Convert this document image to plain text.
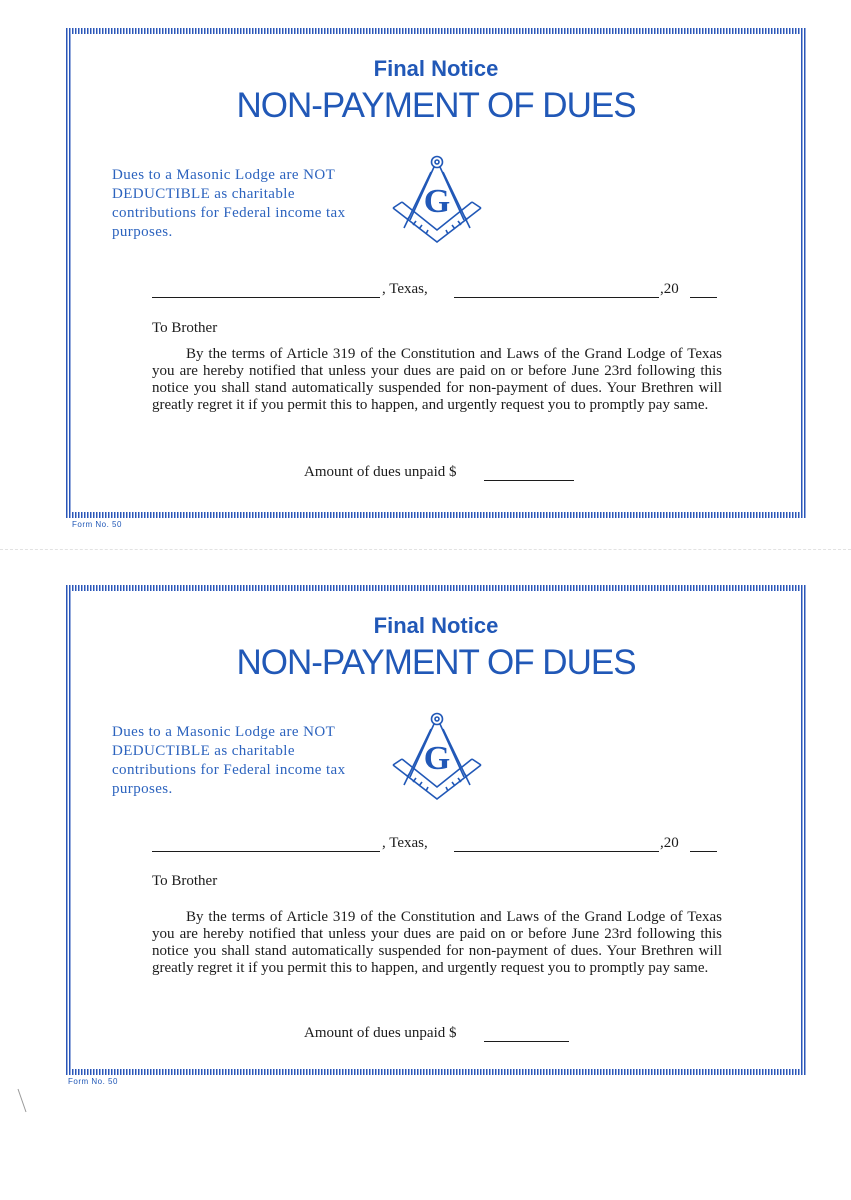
Final Notice
NON-PAYMENT OF DUES
Dues to a Masonic Lodge are NOT DEDUCTIBLE as charitable contributions for Federal income tax purposes.
G
, Texas,	,20
To Brother
By the terms of Article 319 of the Constitution and Laws of the Grand Lodge of Texas you are hereby notified that unless your dues are paid on or before June 23rd following this notice you shall stand automatically suspended for non-payment of dues. Your Brethren will greatly regret it if you permit this to happen, and urgently request you to promptly pay same.
Amount of dues unpaid $
Form No. 50
Final Notice
NON-PAYMENT OF DUES
Dues to a Masonic Lodge are NOT DEDUCTIBLE as charitable contributions for Federal income tax purposes.
G
, Texas,	,20
To Brother
By the terms of Article 319 of the Constitution and Laws of the Grand Lodge of Texas you are hereby notified that unless your dues are paid on or before June 23rd following this notice you shall stand automatically suspended for non-payment of dues. Your Brethren will greatly regret it if you permit this to happen, and urgently request you to promptly pay same.
Amount of dues unpaid $
Form No. 50
